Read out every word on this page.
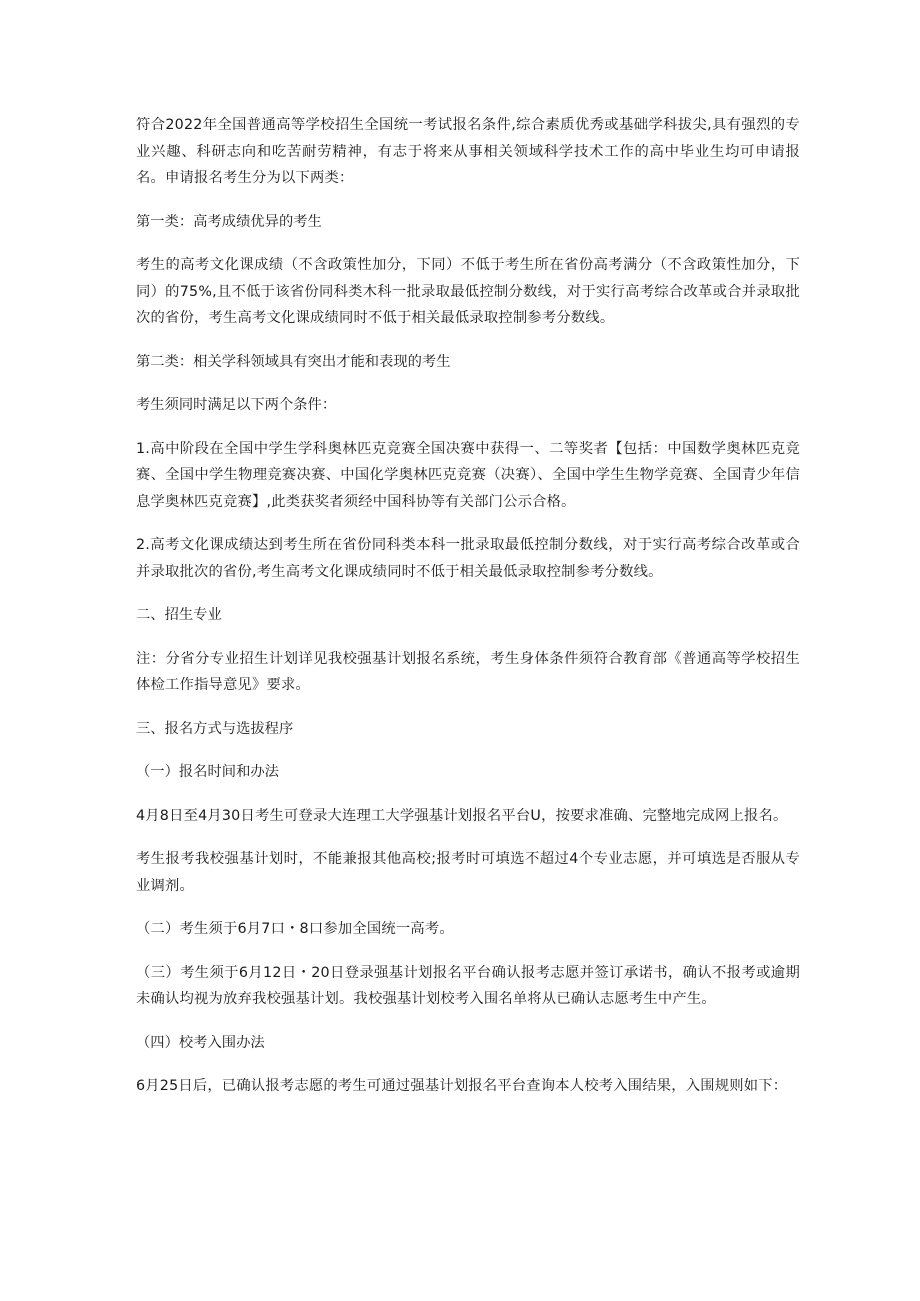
符合2022年全国普通高等学校招生全国统一考试报名条件,综合素质优秀或基础学科拔尖,具有强烈的专业兴趣、科研志向和吃苦耐劳精神，有志于将来从事相关领域科学技术工作的高中毕业生均可申请报名。申请报名考生分为以下两类：

第一类：高考成绩优异的考生

考生的高考文化课成绩（不含政策性加分，下同）不低于考生所在省份高考满分（不含政策性加分，下同）的75%,且不低于该省份同科类木科一批录取最低控制分数线，对于实行高考综合改革或合并录取批次的省份，考生高考文化课成绩同时不低于相关最低录取控制参考分数线。

第二类：相关学科领域具有突出才能和表现的考生

考生须同时满足以下两个条件：

1.高中阶段在全国中学生学科奥林匹克竞赛全国决赛中获得一、二等奖者【包括：中国数学奥林匹克竞赛、全国中学生物理竞赛决赛、中国化学奥林匹克竞赛（决赛）、全国中学生生物学竞赛、全国青少年信息学奥林匹克竞赛】,此类获奖者须经中国科协等有关部门公示合格。

2.高考文化课成绩达到考生所在省份同科类本科一批录取最低控制分数线，对于实行高考综合改革或合并录取批次的省份,考生高考文化课成绩同时不低于相关最低录取控制参考分数线。

二、招生专业

注：分省分专业招生计划详见我校强基计划报名系统，考生身体条件须符合教育部《普通高等学校招生体检工作指导意见》要求。

三、报名方式与选拔程序

（一）报名时间和办法

4月8日至4月30日考生可登录大连理工大学强基计划报名平台U，按要求准确、完整地完成网上报名。

考生报考我校强基计划时，不能兼报其他高校;报考时可填选不超过4个专业志愿，并可填选是否服从专业调剂。

（二）考生须于6月7口・8口参加全国统一高考。

（三）考生须于6月12日・20日登录强基计划报名平台确认报考志愿并签订承诺书，确认不报考或逾期未确认均视为放弃我校强基计划。我校强基计划校考入围名单将从已确认志愿考生中产生。

（四）校考入围办法

6月25日后，已确认报考志愿的考生可通过强基计划报名平台查询本人校考入围结果，入围规则如下：
